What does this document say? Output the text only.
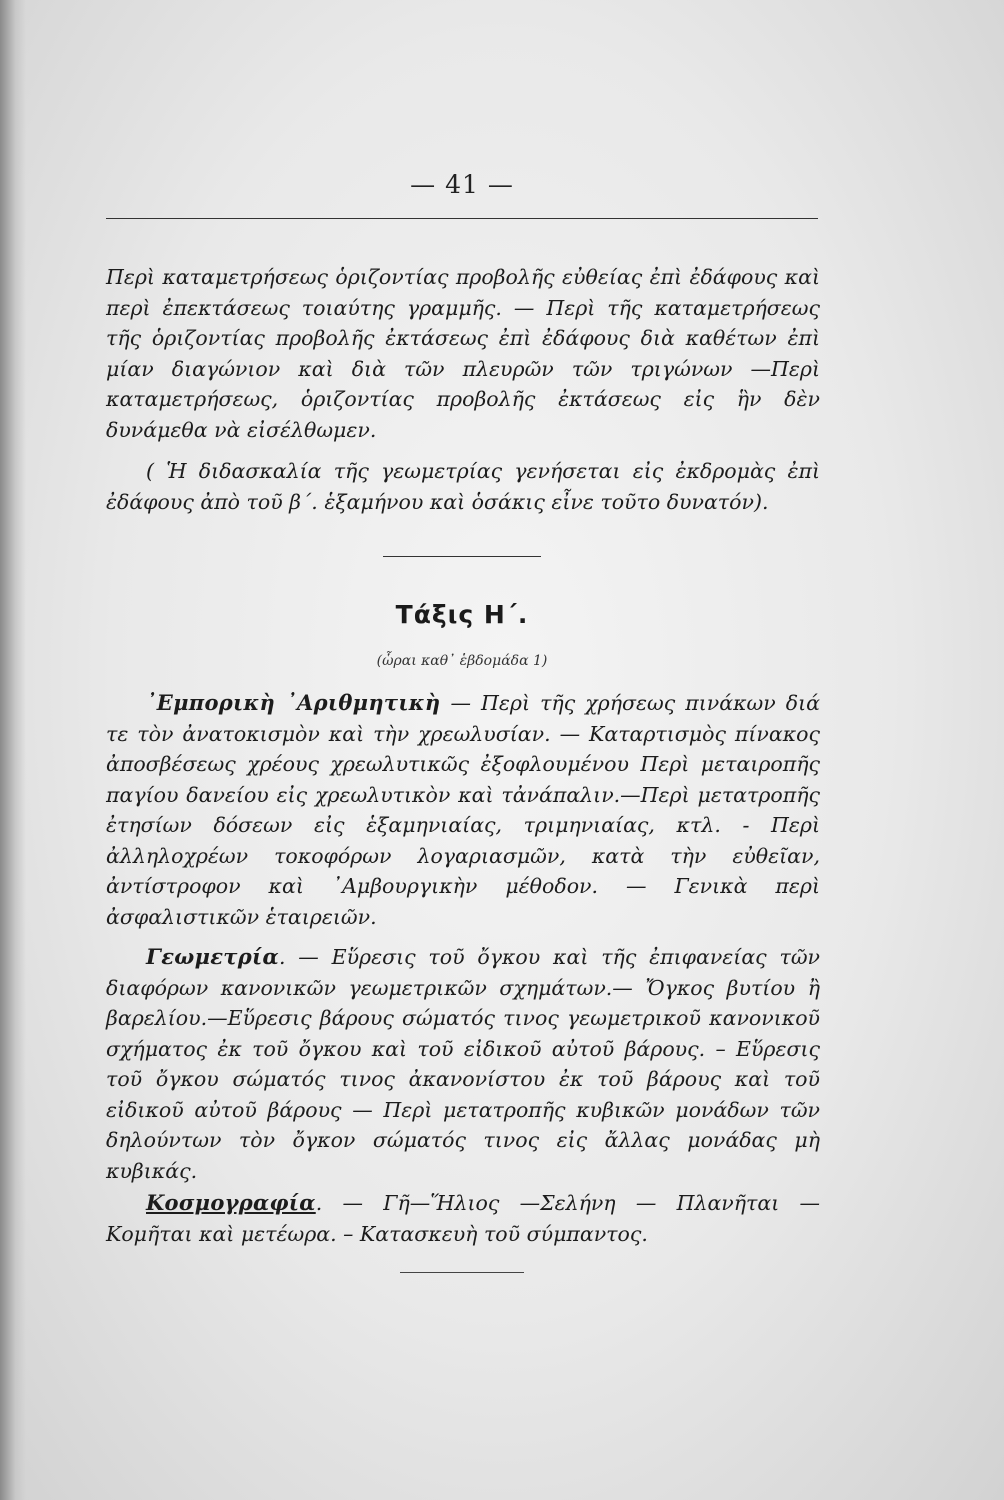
— 41 —

Περὶ καταμετρήσεως ὁριζοντίας προβολῆς εὐθείας ἐπὶ ἐδάφους καὶ περὶ ἐπεκτάσεως τοιαύτης γραμμῆς. — Περὶ τῆς καταμετρήσεως τῆς ὁριζοντίας προβολῆς ἐκτάσεως ἐπὶ ἐδάφους διὰ καθέτων ἐπὶ μίαν διαγώνιον καὶ διὰ τῶν πλευρῶν τῶν τριγώνων —Περὶ καταμετρήσεως, ὁριζοντίας προβολῆς ἐκτάσεως εἰς ἣν δὲν δυνάμεθα νὰ εἰσέλθωμεν.

( Ἡ διδασκαλία τῆς γεωμετρίας γενήσεται εἰς ἐκδρομὰς ἐπὶ ἐδάφους ἀπὸ τοῦ β΄. ἑξαμήνου καὶ ὁσάκις εἶνε τοῦτο δυνατόν).

Τάξις Η΄.
(ὧραι καθ᾽ ἑβδομάδα 1)

᾿Εμπορικὴ ᾿Αριθμητικὴ — Περὶ τῆς χρήσεως πινάκων διά τε τὸν ἀνατοκισμὸν καὶ τὴν χρεωλυσίαν. — Καταρτισμὸς πίνακος ἀποσβέσεως χρέους χρεωλυτικῶς ἐξοφλουμένου Περὶ μεταιροπῆς παγίου δανείου εἰς χρεωλυτικὸν καὶ τἀνάπαλιν.—Περὶ μετατροπῆς ἐτησίων δόσεων εἰς ἑξαμηνιαίας, τριμηνιαίας, κτλ. - Περὶ ἀλληλοχρέων τοκοφόρων λογαριασμῶν, κατὰ τὴν εὐθεῖαν, ἀντίστροφον καὶ ᾿Αμβουργικὴν μέθοδον. — Γενικὰ περὶ ἀσφαλιστικῶν ἑταιρειῶν.

Γεωμετρία. — Εὕρεσις τοῦ ὄγκου καὶ τῆς ἐπιφανείας τῶν διαφόρων κανονικῶν γεωμετρικῶν σχημάτων.— Ὄγκος βυτίου ἢ βαρελίου.—Εὕρεσις βάρους σώματός τινος γεωμετρικοῦ κανονικοῦ σχήματος ἐκ τοῦ ὄγκου καὶ τοῦ εἰδικοῦ αὐτοῦ βάρους. – Εὕρεσις τοῦ ὄγκου σώματός τινος ἀκανονίστου ἐκ τοῦ βάρους καὶ τοῦ εἰδικοῦ αὐτοῦ βάρους — Περὶ μετατροπῆς κυβικῶν μονάδων τῶν δηλούντων τὸν ὄγκον σώματός τινος εἰς ἄλλας μονάδας μὴ κυβικάς.

Κοσμογραφία. — Γῆ—Ἥλιος —Σελήνη — Πλανῆται — Κομῆται καὶ μετέωρα. – Κατασκευὴ τοῦ σύμπαντος.
